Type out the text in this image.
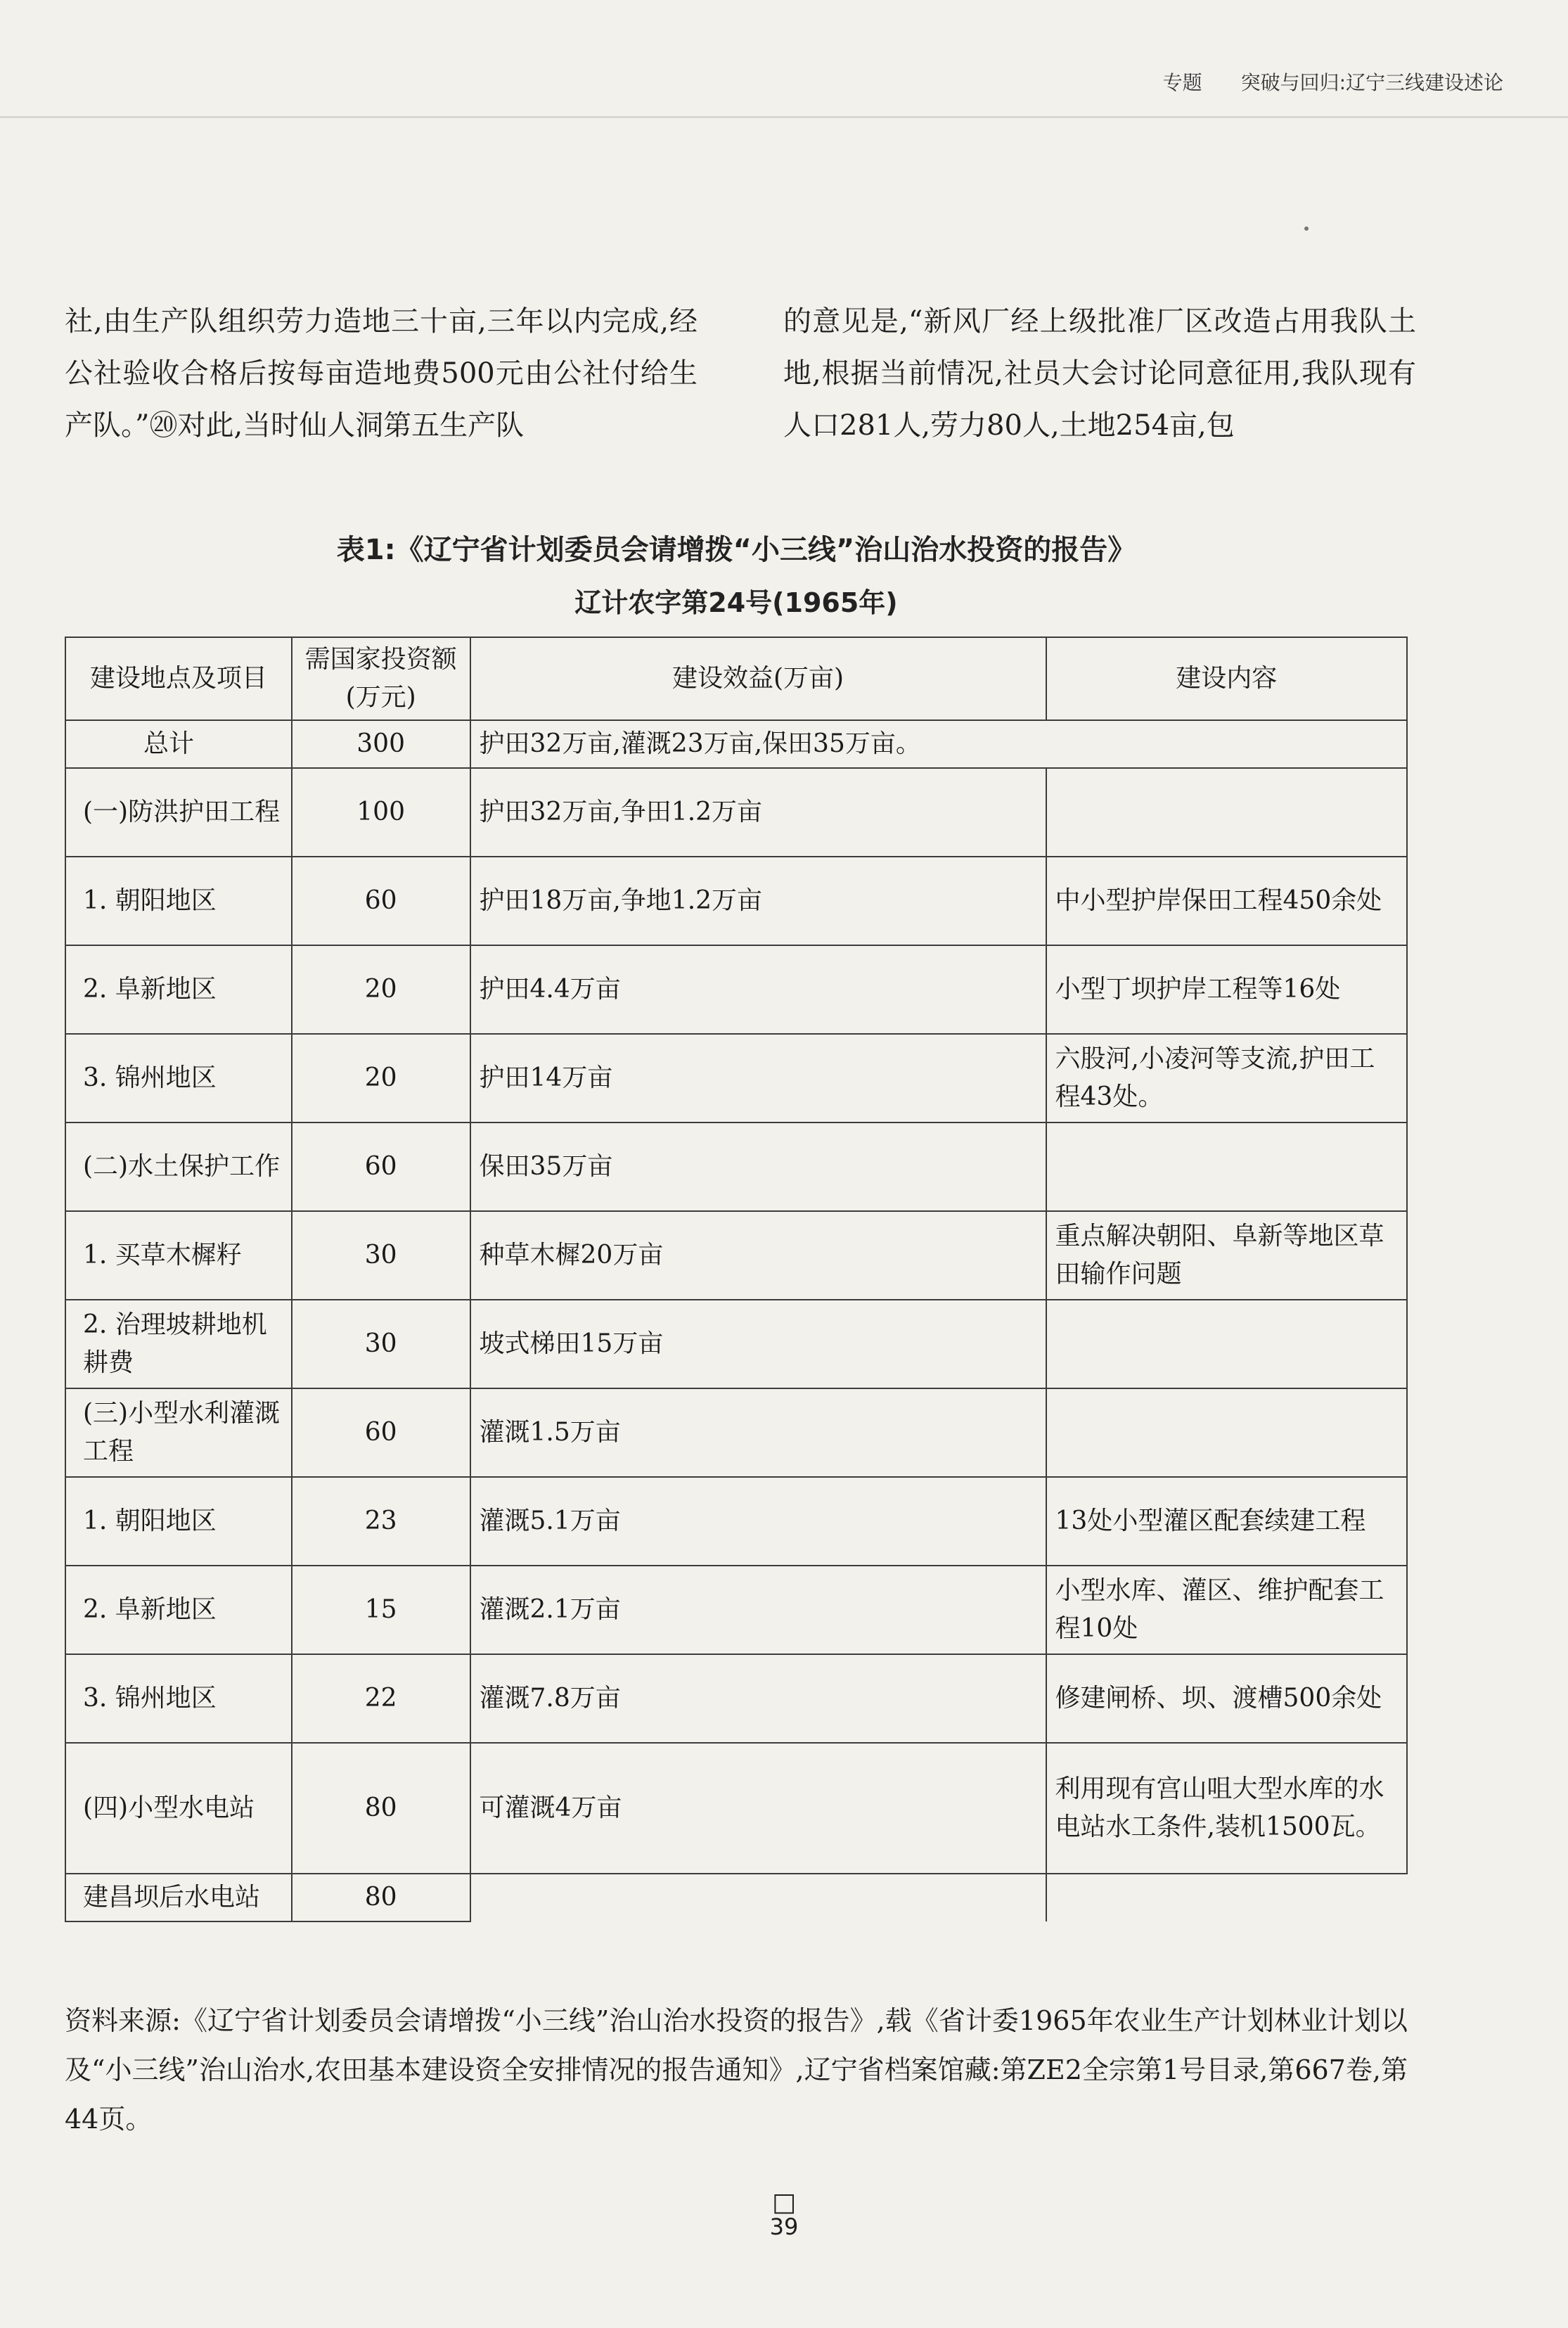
专题 突破与回归:辽宁三线建设述论

社,由生产队组织劳力造地三十亩,三年以内完成,经公社验收合格后按每亩造地费500元由公社付给生产队。”⑳对此,当时仙人洞第五生产队

的意见是,“新风厂经上级批准厂区改造占用我队土地,根据当前情况,社员大会讨论同意征用,我队现有人口281人,劳力80人,土地254亩,包

表1:《辽宁省计划委员会请增拨“小三线”治山治水投资的报告》
辽计农字第24号(1965年)
建设地点及项目	需国家投资额(万元)	建设效益(万亩)	建设内容
总计	300	护田32万亩,灌溉23万亩,保田35万亩。	
(一)防洪护田工程	100	护田32万亩,争田1.2万亩	
1. 朝阳地区	60	护田18万亩,争地1.2万亩	中小型护岸保田工程450余处
2. 阜新地区	20	护田4.4万亩	小型丁坝护岸工程等16处
3. 锦州地区	20	护田14万亩	六股河,小凌河等支流,护田工程43处。
(二)水土保护工作	60	保田35万亩	
1. 买草木樨籽	30	种草木樨20万亩	重点解决朝阳、阜新等地区草田输作问题
2. 治理坡耕地机耕费	30	坡式梯田15万亩	
(三)小型水利灌溉工程	60	灌溉1.5万亩	
1. 朝阳地区	23	灌溉5.1万亩	13处小型灌区配套续建工程
2. 阜新地区	15	灌溉2.1万亩	小型水库、灌区、维护配套工程10处
3. 锦州地区	22	灌溉7.8万亩	修建闸桥、坝、渡槽500余处
(四)小型水电站	80	可灌溉4万亩	利用现有宫山咀大型水库的水电站水工条件,装机1500瓦。
建昌坝后水电站	80		
资料来源:《辽宁省计划委员会请增拨“小三线”治山治水投资的报告》,载《省计委1965年农业生产计划林业计划以及“小三线”治山治水,农田基本建设资全安排情况的报告通知》,辽宁省档案馆藏:第ZE2全宗第1号目录,第667卷,第44页。
□
39
